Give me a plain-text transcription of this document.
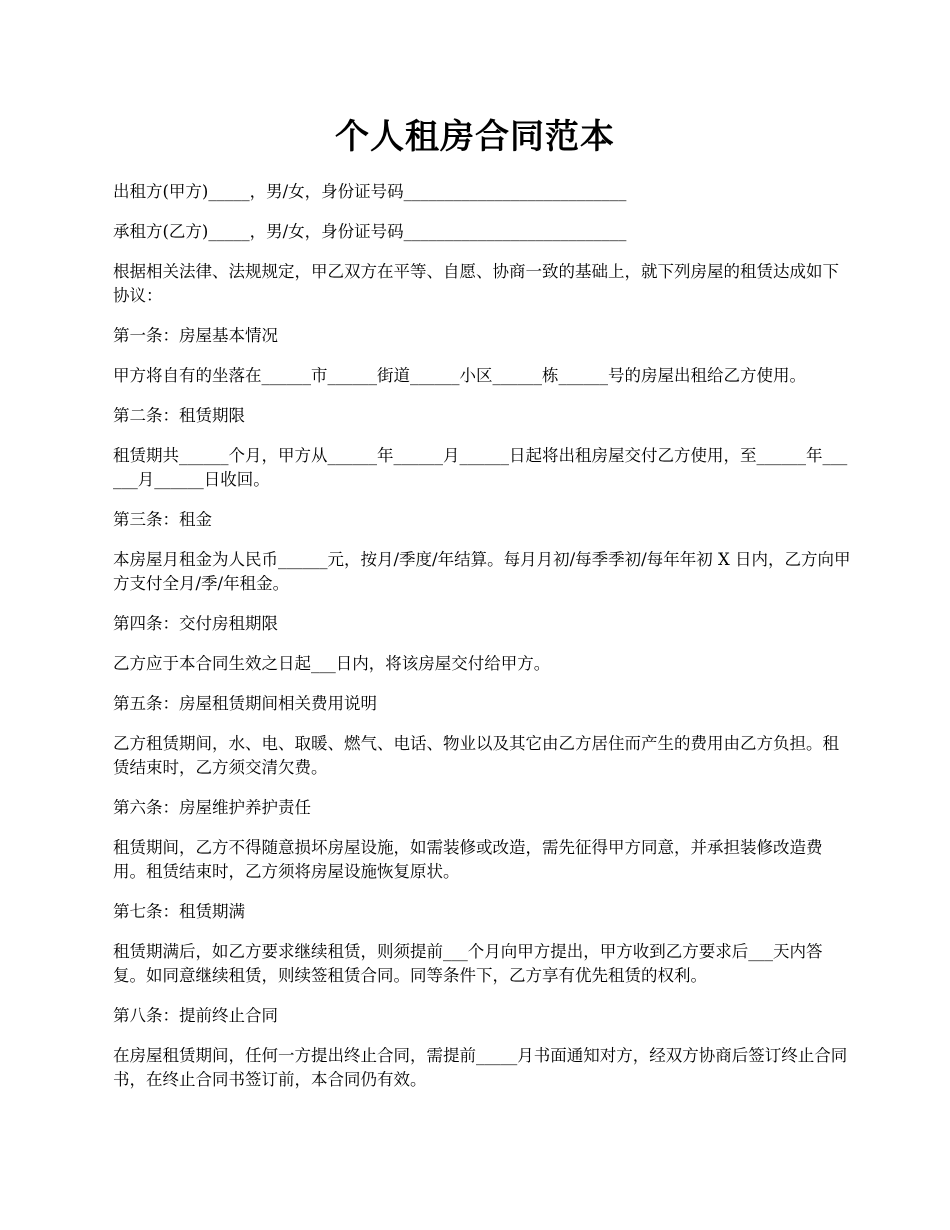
个人租房合同范本

出租方(甲方)_____，男/女，身份证号码___________________________

承租方(乙方)_____，男/女，身份证号码___________________________

根据相关法律、法规规定，甲乙双方在平等、自愿、协商一致的基础上，就下列房屋的租赁达成如下协议：

第一条：房屋基本情况

甲方将自有的坐落在______市______街道______小区______栋______号的房屋出租给乙方使用。

第二条：租赁期限

租赁期共______个月，甲方从______年______月______日起将出租房屋交付乙方使用，至______年______月______日收回。

第三条：租金

本房屋月租金为人民币______元，按月/季度/年结算。每月月初/每季季初/每年年初 X 日内，乙方向甲方支付全月/季/年租金。

第四条：交付房租期限

乙方应于本合同生效之日起___日内，将该房屋交付给甲方。

第五条：房屋租赁期间相关费用说明

乙方租赁期间，水、电、取暖、燃气、电话、物业以及其它由乙方居住而产生的费用由乙方负担。租赁结束时，乙方须交清欠费。

第六条：房屋维护养护责任

租赁期间，乙方不得随意损坏房屋设施，如需装修或改造，需先征得甲方同意，并承担装修改造费用。租赁结束时，乙方须将房屋设施恢复原状。

第七条：租赁期满

租赁期满后，如乙方要求继续租赁，则须提前___个月向甲方提出，甲方收到乙方要求后___天内答复。如同意继续租赁，则续签租赁合同。同等条件下，乙方享有优先租赁的权利。

第八条：提前终止合同

在房屋租赁期间，任何一方提出终止合同，需提前_____月书面通知对方，经双方协商后签订终止合同书，在终止合同书签订前，本合同仍有效。
